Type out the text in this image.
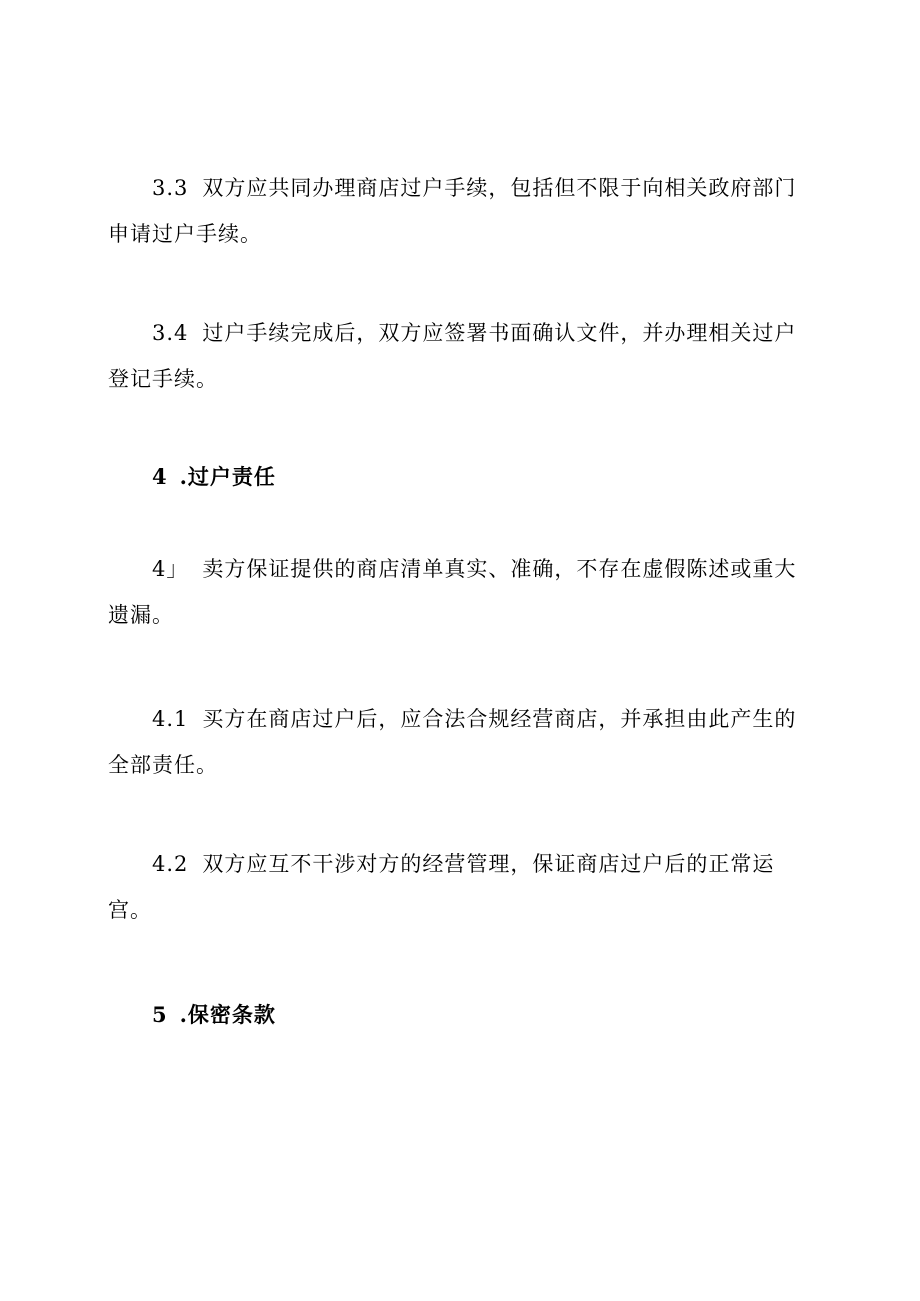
3.3 双方应共同办理商店过户手续，包括但不限于向相关政府部门申请过户手续。

3.4 过户手续完成后，双方应签署书面确认文件，并办理相关过户登记手续。

4 .过户责任

4」 卖方保证提供的商店清单真实、准确，不存在虚假陈述或重大遗漏。

4.1 买方在商店过户后，应合法合规经营商店，并承担由此产生的全部责任。

4.2 双方应互不干涉对方的经营管理，保证商店过户后的正常运宫。

5 .保密条款
